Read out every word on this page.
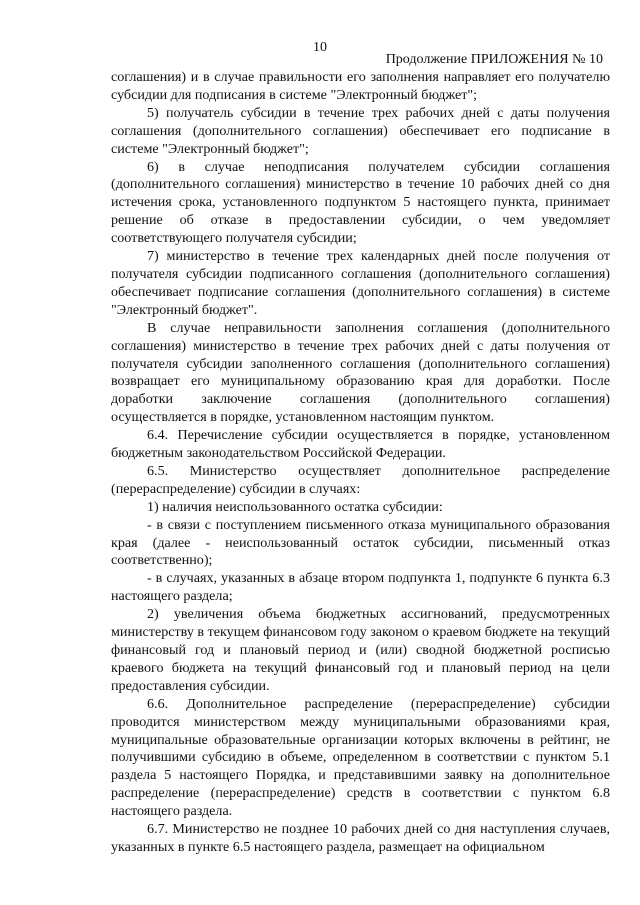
10
Продолжение ПРИЛОЖЕНИЯ № 10

соглашения) и в случае правильности его заполнения направляет его получателю субсидии для подписания в системе "Электронный бюджет";

5) получатель субсидии в течение трех рабочих дней с даты получения соглашения (дополнительного соглашения) обеспечивает его подписание в системе "Электронный бюджет";

6) в случае неподписания получателем субсидии соглашения (дополнительного соглашения) министерство в течение 10 рабочих дней со дня истечения срока, установленного подпунктом 5 настоящего пункта, принимает решение об отказе в предоставлении субсидии, о чем уведомляет соответствующего получателя субсидии;

7) министерство в течение трех календарных дней после получения от получателя субсидии подписанного соглашения (дополнительного соглашения) обеспечивает подписание соглашения (дополнительного соглашения) в системе "Электронный бюджет".

В случае неправильности заполнения соглашения (дополнительного соглашения) министерство в течение трех рабочих дней с даты получения от получателя субсидии заполненного соглашения (дополнительного соглашения) возвращает его муниципальному образованию края для доработки. После доработки заключение соглашения (дополнительного соглашения) осуществляется в порядке, установленном настоящим пунктом.

6.4. Перечисление субсидии осуществляется в порядке, установленном бюджетным законодательством Российской Федерации.

6.5. Министерство осуществляет дополнительное распределение (перераспределение) субсидии в случаях:

1) наличия неиспользованного остатка субсидии:

- в связи с поступлением письменного отказа муниципального образования края (далее - неиспользованный остаток субсидии, письменный отказ соответственно);

- в случаях, указанных в абзаце втором подпункта 1, подпункте 6 пункта 6.3 настоящего раздела;

2) увеличения объема бюджетных ассигнований, предусмотренных министерству в текущем финансовом году законом о краевом бюджете на текущий финансовый год и плановый период и (или) сводной бюджетной росписью краевого бюджета на текущий финансовый год и плановый период на цели предоставления субсидии.

6.6. Дополнительное распределение (перераспределение) субсидии проводится министерством между муниципальными образованиями края, муниципальные образовательные организации которых включены в рейтинг, не получившими субсидию в объеме, определенном в соответствии с пунктом 5.1 раздела 5 настоящего Порядка, и представившими заявку на дополнительное распределение (перераспределение) средств в соответствии с пунктом 6.8 настоящего раздела.

6.7. Министерство не позднее 10 рабочих дней со дня наступления случаев, указанных в пункте 6.5 настоящего раздела, размещает на официальном
